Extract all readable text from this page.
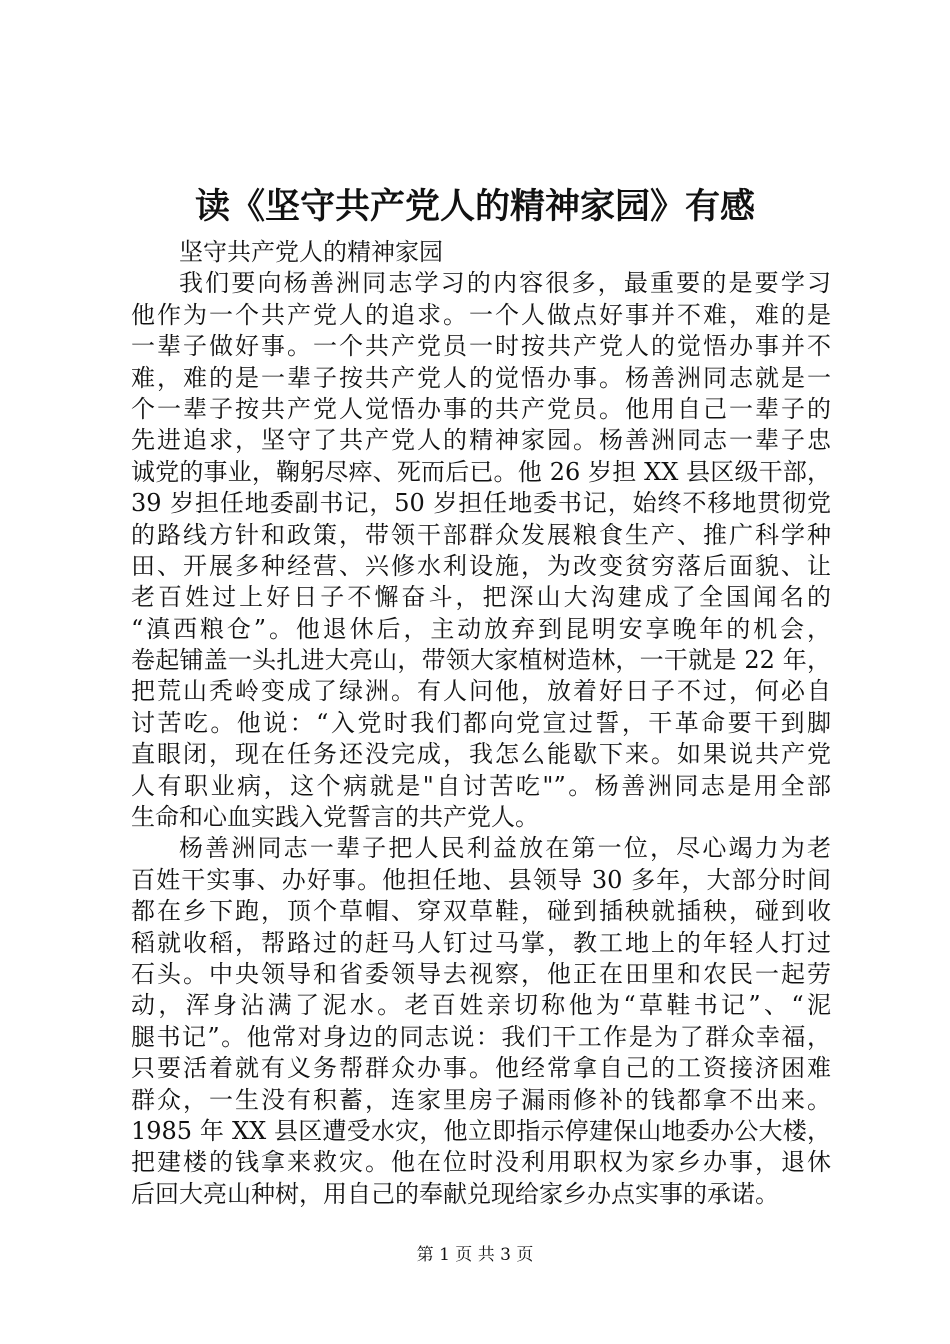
读《坚守共产党人的精神家园》有感
坚守共产党人的精神家园
我们要向杨善洲同志学习的内容很多，最重要的是要学习
他作为一个共产党人的追求。一个人做点好事并不难，难的是
一辈子做好事。一个共产党员一时按共产党人的觉悟办事并不
难，难的是一辈子按共产党人的觉悟办事。杨善洲同志就是一
个一辈子按共产党人觉悟办事的共产党员。他用自己一辈子的
先进追求，坚守了共产党人的精神家园。杨善洲同志一辈子忠
诚党的事业，鞠躬尽瘁、死而后已。他 26 岁担 XX 县区级干部，
39 岁担任地委副书记，50 岁担任地委书记，始终不移地贯彻党
的路线方针和政策，带领干部群众发展粮食生产、推广科学种
田、开展多种经营、兴修水利设施，为改变贫穷落后面貌、让
老百姓过上好日子不懈奋斗，把深山大沟建成了全国闻名的
“滇西粮仓”。他退休后，主动放弃到昆明安享晚年的机会，
卷起铺盖一头扎进大亮山，带领大家植树造林，一干就是 22 年，
把荒山秃岭变成了绿洲。有人问他，放着好日子不过，何必自
讨苦吃。他说：“入党时我们都向党宣过誓，干革命要干到脚
直眼闭，现在任务还没完成，我怎么能歇下来。如果说共产党
人有职业病，这个病就是"自讨苦吃"”。杨善洲同志是用全部
生命和心血实践入党誓言的共产党人。
杨善洲同志一辈子把人民利益放在第一位，尽心竭力为老
百姓干实事、办好事。他担任地、县领导 30 多年，大部分时间
都在乡下跑，顶个草帽、穿双草鞋，碰到插秧就插秧，碰到收
稻就收稻，帮路过的赶马人钉过马掌，教工地上的年轻人打过
石头。中央领导和省委领导去视察，他正在田里和农民一起劳
动，浑身沾满了泥水。老百姓亲切称他为“草鞋书记”、“泥
腿书记”。他常对身边的同志说：我们干工作是为了群众幸福，
只要活着就有义务帮群众办事。他经常拿自己的工资接济困难
群众，一生没有积蓄，连家里房子漏雨修补的钱都拿不出来。
1985 年 XX 县区遭受水灾，他立即指示停建保山地委办公大楼，
把建楼的钱拿来救灾。他在位时没利用职权为家乡办事，退休
后回大亮山种树，用自己的奉献兑现给家乡办点实事的承诺。
第 1 页 共 3 页
